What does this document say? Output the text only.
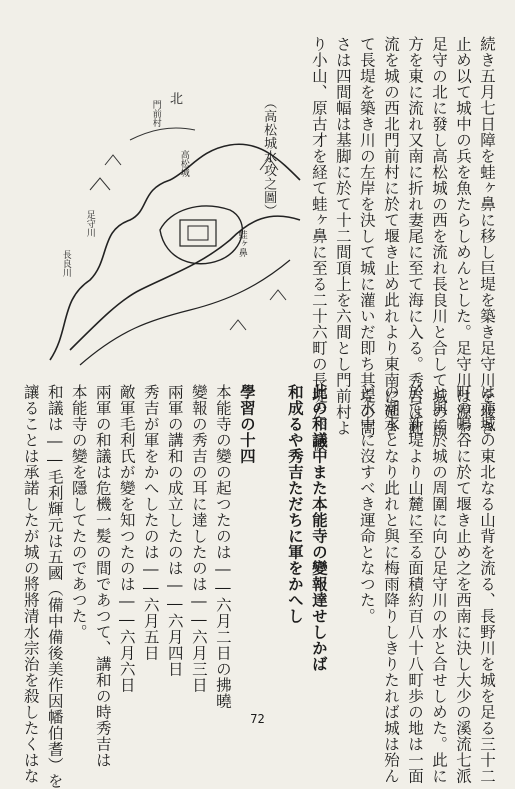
続き五月七日障を蛙ヶ鼻に移し巨堤を築き足守川を堰き
止め以て城中の兵を魚たらしめんとした。足守川は源を
足守の北に發し高松城の西を流れ長良川と合して城の南
方を東に流れ又南に折れ妻尾に至て海に入る。秀吉は此
流を城の西北門前村に於て堰き止め此れより東南に延き
て長堤を築き川の左岸を決して城に灌いだ即ち其堤の高
さは四間幅は基脚に於て十二間頂上を六間とし門前村よ
り小山、原古才を経て蛙ヶ鼻に至る二十六町の長堤だ。彼
北
高松城
足守川
蛙ヶ鼻
門前村
長良川
（高松城水攻之圖）
は亦城の東北なる山背を流る、長野川を城を足る三十二
町の鳴谷に於て堰き止め之を西南に決し大少の溪流七派
と與に於城の周圍に向ひ足守川の水と合せしめた。此に
於て新堤より山麓に至る面積約百八十八町歩の地は一面
の潮水となり此れと與に梅雨降りしきりたれば城は殆ん
ど水中に沒すべき運命となつた。

此の和議中また本能寺の變報達せしかば
和成るや秀吉ただちに軍をかへし

學習の十四
本能寺の變の起つたのは――六月二日の拂曉
變報の秀吉の耳に達したのは――六月三日
兩軍の講和の成立したのは――六月四日
秀吉が軍をかへしたのは――六月五日
敵軍毛利氏が變を知つたのは――六月六日
兩軍の和議は危機一髪の間であつて、講和の時秀吉は
本能寺の變を隱してたのであつた。
和議は――毛利輝元は五國（備中備後美作因幡伯耆）を
讓ることは承諾したが城の將將清水宗治を殺したくはな	72
